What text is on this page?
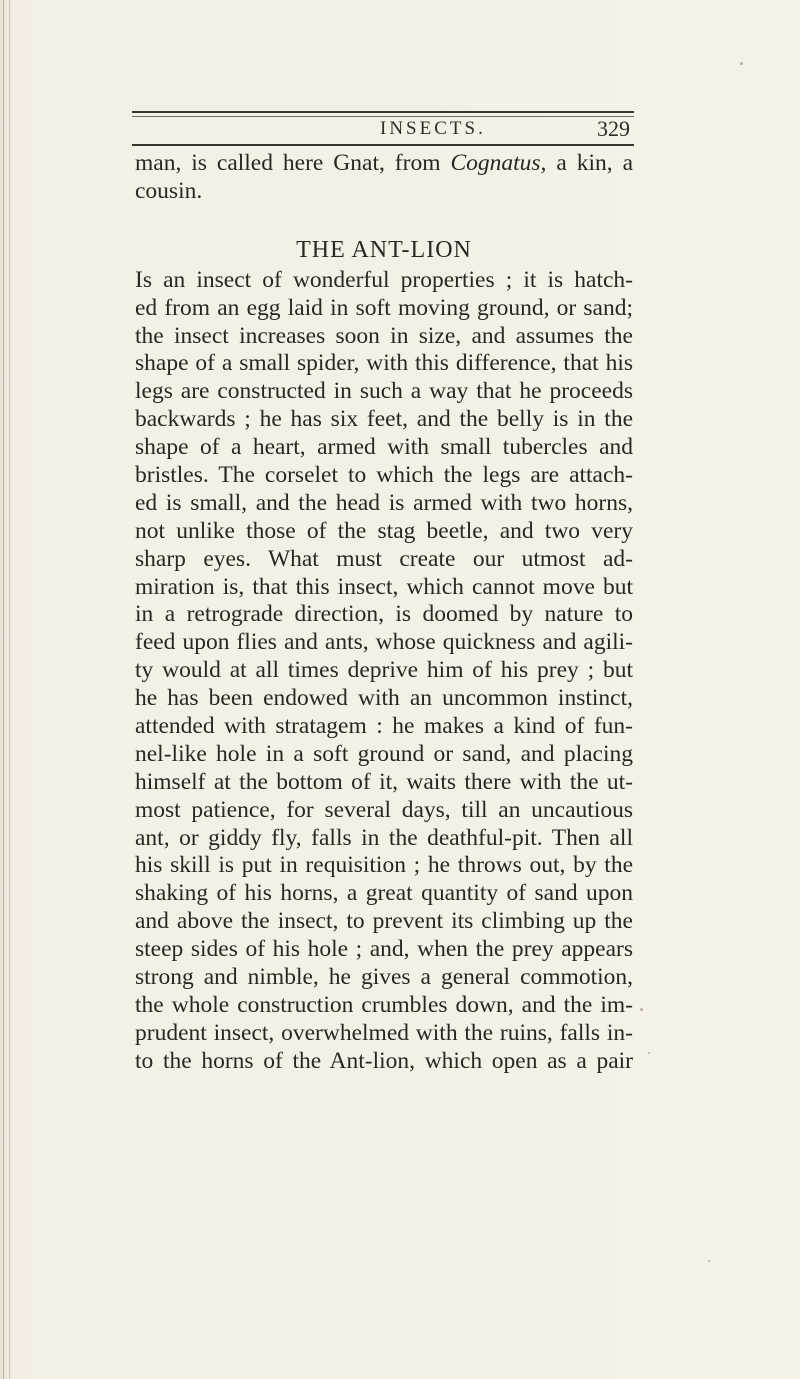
INSECTS.	329
man, is called here Gnat, from Cognatus, a kin, a
cousin.
THE ANT-LION
Is an insect of wonderful properties ; it is hatch-
ed from an egg laid in soft moving ground, or sand;
the insect increases soon in size, and assumes the
shape of a small spider, with this difference, that his
legs are constructed in such a way that he proceeds
backwards ; he has six feet, and the belly is in the
shape of a heart, armed with small tubercles and
bristles. The corselet to which the legs are attach-
ed is small, and the head is armed with two horns,
not unlike those of the stag beetle, and two very
sharp eyes. What must create our utmost ad-
miration is, that this insect, which cannot move but
in a retrograde direction, is doomed by nature to
feed upon flies and ants, whose quickness and agili-
ty would at all times deprive him of his prey ; but
he has been endowed with an uncommon instinct,
attended with stratagem : he makes a kind of fun-
nel-like hole in a soft ground or sand, and placing
himself at the bottom of it, waits there with the ut-
most patience, for several days, till an uncautious
ant, or giddy fly, falls in the deathful-pit. Then all
his skill is put in requisition ; he throws out, by the
shaking of his horns, a great quantity of sand upon
and above the insect, to prevent its climbing up the
steep sides of his hole ; and, when the prey appears
strong and nimble, he gives a general commotion,
the whole construction crumbles down, and the im-
prudent insect, overwhelmed with the ruins, falls in-
to the horns of the Ant-lion, which open as a pair
